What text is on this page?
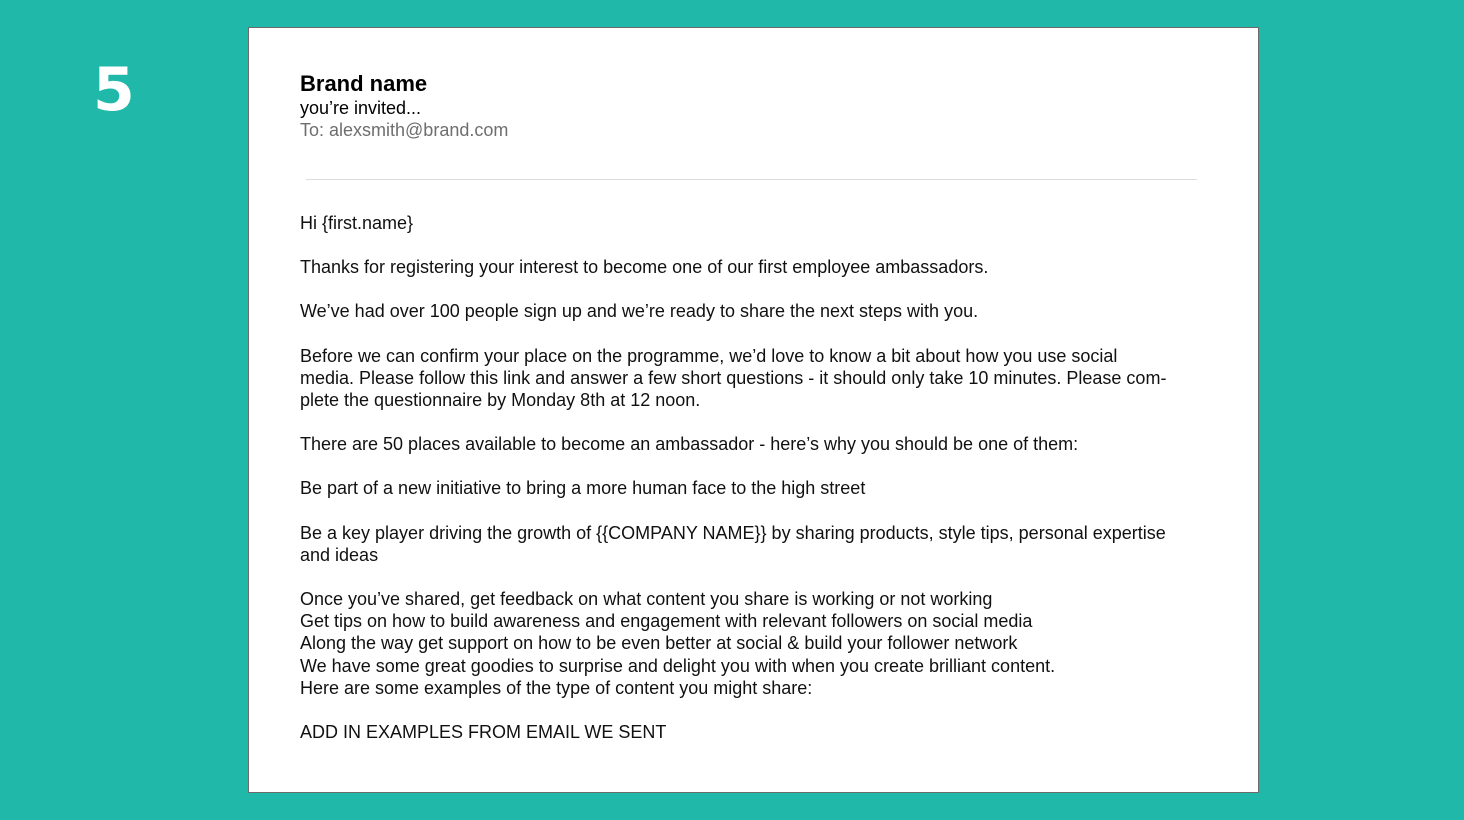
5	Brand name
you’re invited...
To: alexsmith@brand.com

Hi {first.name}

Thanks for registering your interest to become one of our first employee ambassadors.

We’ve had over 100 people sign up and we’re ready to share the next steps with you.

Before we can confirm your place on the programme, we’d love to know a bit about how you use social
media. Please follow this link and answer a few short questions - it should only take 10 minutes. Please com-
plete the questionnaire by Monday 8th at 12 noon.

There are 50 places available to become an ambassador - here’s why you should be one of them:

Be part of a new initiative to bring a more human face to the high street

Be a key player driving the growth of {{COMPANY NAME}} by sharing products, style tips, personal expertise
and ideas

Once you’ve shared, get feedback on what content you share is working or not working
Get tips on how to build awareness and engagement with relevant followers on social media
Along the way get support on how to be even better at social & build your follower network
We have some great goodies to surprise and delight you with when you create brilliant content.
Here are some examples of the type of content you might share:

ADD IN EXAMPLES FROM EMAIL WE SENT
